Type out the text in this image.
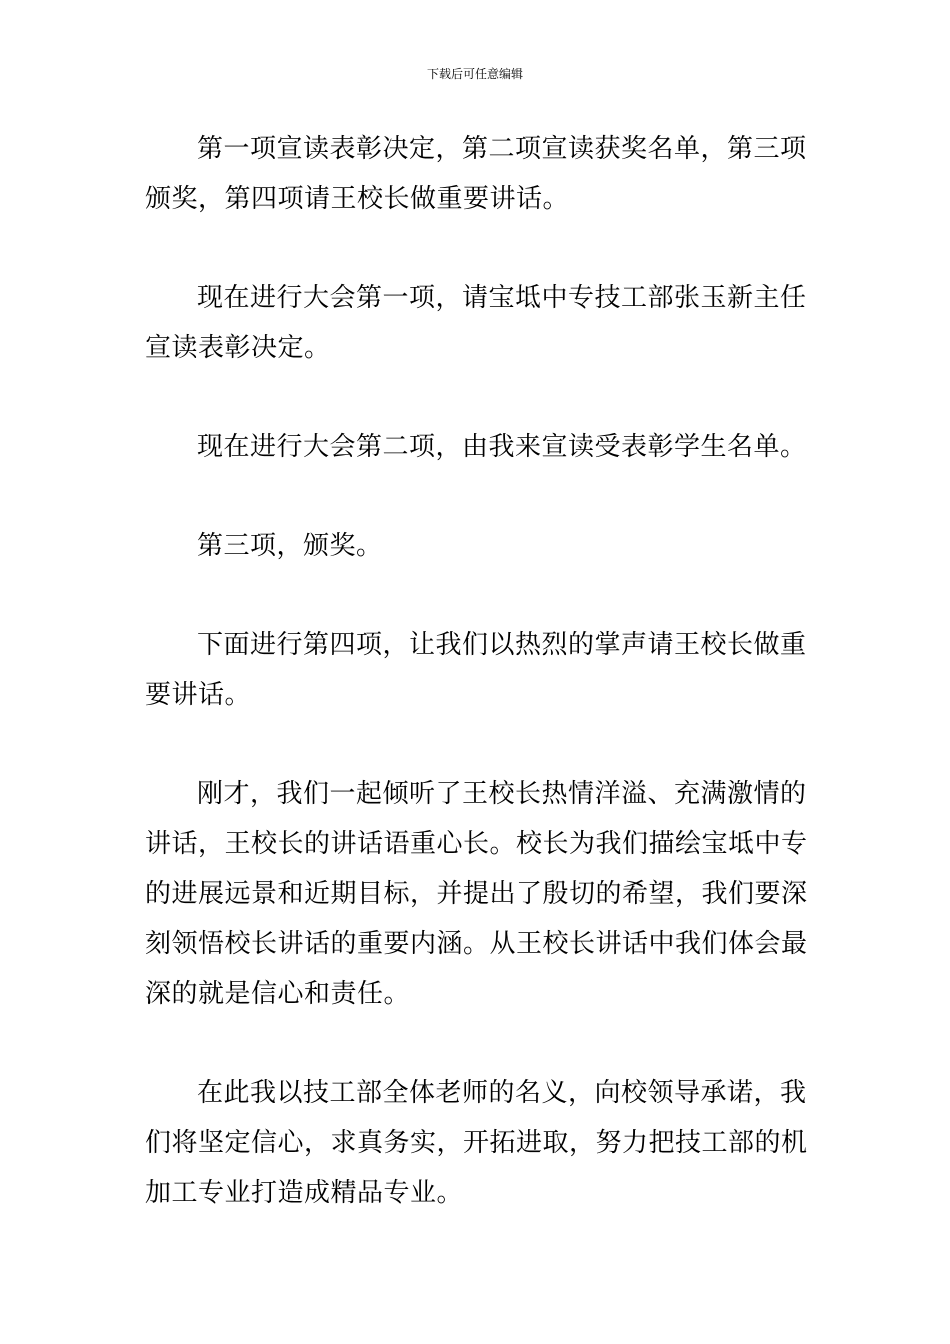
下载后可任意编辑

第一项宣读表彰决定，第二项宣读获奖名单，第三项颁奖，第四项请王校长做重要讲话。

现在进行大会第一项，请宝坻中专技工部张玉新主任宣读表彰决定。

现在进行大会第二项，由我来宣读受表彰学生名单。

第三项，颁奖。

下面进行第四项，让我们以热烈的掌声请王校长做重要讲话。

刚才，我们一起倾听了王校长热情洋溢、充满激情的讲话，王校长的讲话语重心长。校长为我们描绘宝坻中专的进展远景和近期目标，并提出了殷切的希望，我们要深刻领悟校长讲话的重要内涵。从王校长讲话中我们体会最深的就是信心和责任。

在此我以技工部全体老师的名义，向校领导承诺，我们将坚定信心，求真务实，开拓进取，努力把技工部的机加工专业打造成精品专业。
